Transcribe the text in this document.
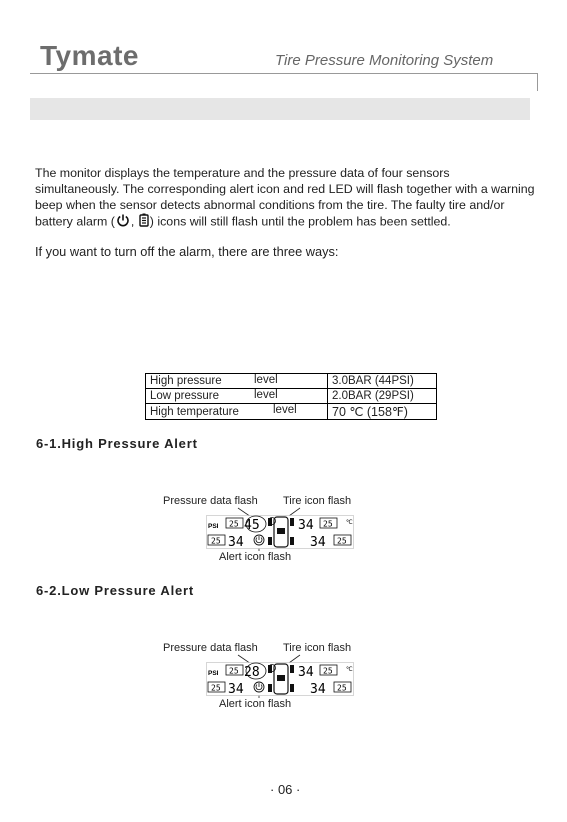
Tymate	Tire Pressure Monitoring System

The monitor displays the temperature and the pressure data of four sensors simultaneously. The corresponding alert icon and red LED will flash together with a warning beep when the sensor detects abnormal conditions from the tire. The faulty tire and/or battery alarm ( , ) icons will still flash until the problem has been settled.

If you want to turn off the alarm, there are three ways:
High pressure level	3.0BAR (44PSI)
Low pressure level	2.0BAR (29PSI)
High temperature level	70 ℃ (158℉)
6-1.High Pressure Alert
Pressure data flash Tire icon flash
Alert icon flash
PSI	℃
25 45	34 25
25 34	34 25
6-2.Low Pressure Alert
Pressure data flash Tire icon flash
Alert icon flash
PSI	℃
25 28	34 25
25 34	34 25
· 06 ·
